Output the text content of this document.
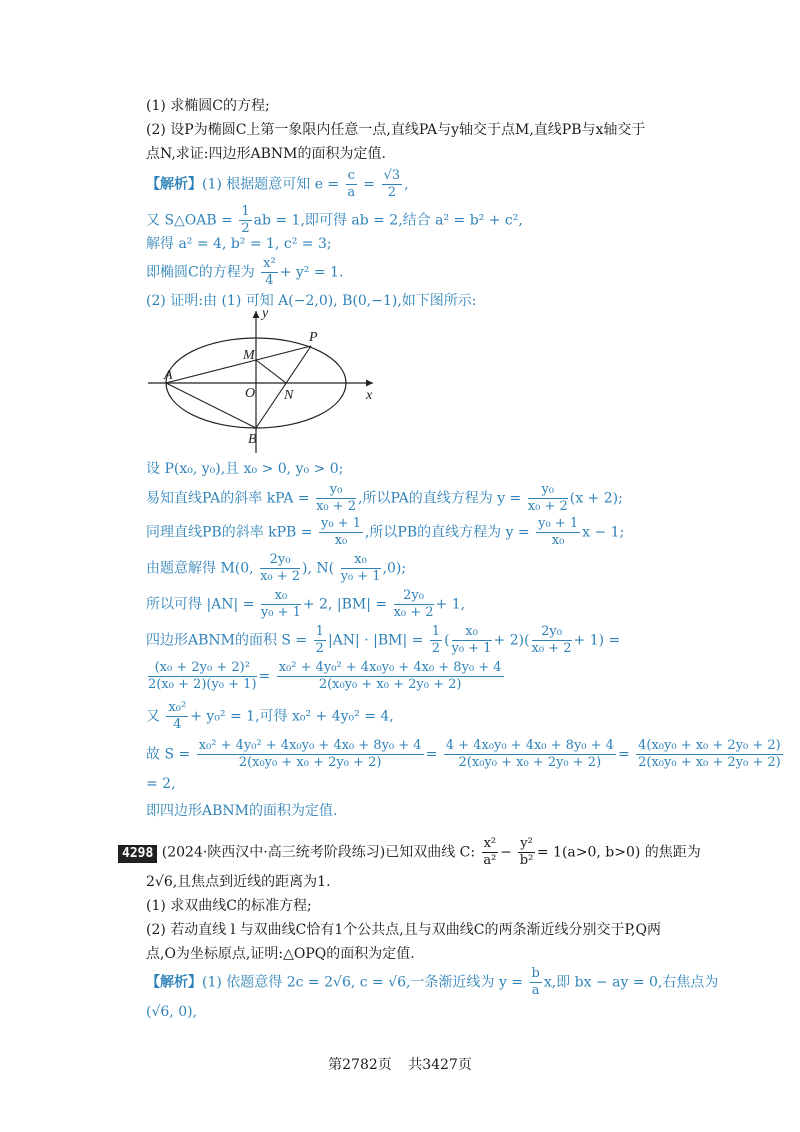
(1) 求椭圆C的方程;
(2) 设P为椭圆C上第一象限内任意一点,直线PA与y轴交于点M,直线PB与x轴交于
点N,求证:四边形ABNM的面积为定值.
【解析】(1) 根据题意可知 $e = \frac{c}{a} = \frac{√3}{2}$ ,
又 S△OAB = $\frac{1}{2}$ ab = 1,即可得 ab = 2,结合 a² = b² + c²,
解得 a² = 4, b² = 1, c² = 3;
即椭圆C的方程为 $\frac{\text{x²}}{4} + y^2 = 1$.
(2) 证明:由 (1) 可知 A(−2,0), B(0,−1),如下图所示:
y
P
M
A
O N	x
B
设 P(x₀, y₀),且 x₀ > 0, y₀ > 0;
易知直线PA的斜率 kPA = $\frac{\text{y₀}}{\text{x₀ + 2}}$ ,所以PA的直线方程为 $y = \frac{\text{y₀}}{\text{x₀ + 2}} (x + 2)$;
同理直线PB的斜率 kPB = $\frac{\text{y₀ + 1}}{\text{x₀}}$ ,所以PB的直线方程为 $y = \frac{\text{y₀ + 1}}{\text{x₀}}$ x − 1;
由题意解得 M(0, $\frac{\text{2y₀}}{\text{x₀ + 2}}$ ), $N( \frac{\text{x₀}}{\text{y₀ + 1}} ,0)$;
所以可得 $|AN| = \frac{\text{x₀}}{\text{y₀ + 1}} + 2$, $|BM| = \frac{\text{2y₀}}{\text{x₀ + 2}} + 1$,
四边形ABNM的面积 $S = \frac{1}{2} |AN| \cdot |BM| = \frac{1}{2}$ ( $\frac{\text{x₀}}{\text{y₀ + 1}} + 2)( \frac{\text{2y₀}}{\text{x₀ + 2}} + 1)$ =
$\frac{\text{(x₀ + 2y₀ + 2)²}}{\text{2(x₀ + 2)(y₀ + 1)}} = \frac{\text{x₀² + 4y₀² + 4x₀y₀ + 4x₀ + 8y₀ + 4}}{\text{2(x₀y₀ + x₀ + 2y₀ + 2)}}$
又 $\frac{\text{x₀²}}{4} + y_0^2 = 1$,可得 x₀² + 4y₀² = 4,
故 $S = \frac{\text{x₀² + 4y₀² + 4x₀y₀ + 4x₀ + 8y₀ + 4}}{\text{2(x₀y₀ + x₀ + 2y₀ + 2)}} = \frac{\text{4 + 4x₀y₀ + 4x₀ + 8y₀ + 4}}{\text{2(x₀y₀ + x₀ + 2y₀ + 2)}} = \frac{\text{4(x₀y₀ + x₀ + 2y₀ + 2)}}{\text{2(x₀y₀ + x₀ + 2y₀ + 2)}}$
= 2,
即四边形ABNM的面积为定值.
4298 (2024·陕西汉中·高三统考阶段练习)已知双曲线 C: $\frac{\text{x²}}{\text{a²}} - \frac{\text{y²}}{\text{b²}} = 1(a>0$, b>0) 的焦距为
2√6,且焦点到近线的距离为1.
(1) 求双曲线C的标准方程;
(2) 若动直线 l 与双曲线C恰有1个公共点,且与双曲线C的两条渐近线分别交于P,Q两
点,O为坐标原点,证明:△OPQ的面积为定值.
【解析】(1) 依题意得 2c = 2√6, c = √6,一条渐近线为 $y = \frac{b}{a} x$,即 bx − ay = 0,右焦点为
(√6, 0),
第2782页 共3427页
